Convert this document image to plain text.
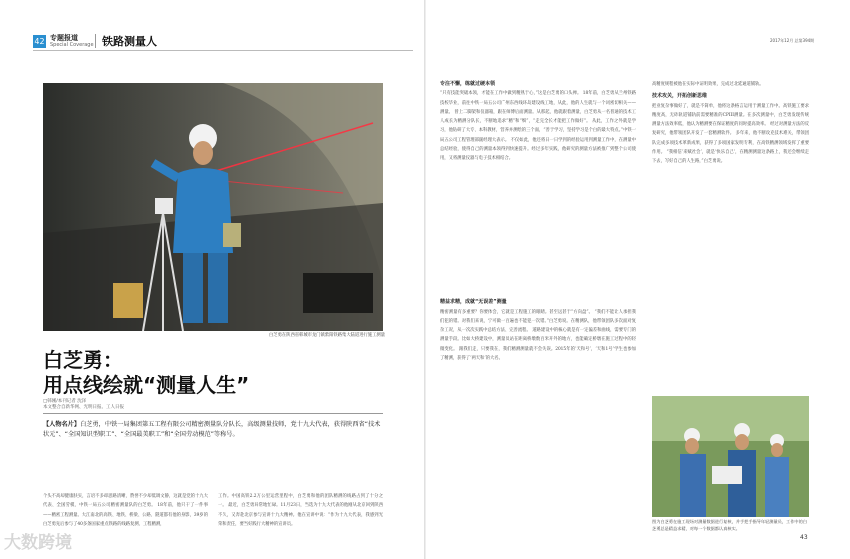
42 专题报道
Special Coverage 铁路测量人	2017年12月 总第394期
白芝勇在陕西省韩城市龙门镇紫阳铁路集大陆道进行施工测量
白芝勇：
用点线绘就“测量人生”
□韩刚/本刊记者 沈泽
本文整合自新华网、光明日报、工人日报
【人物名片】白芝勇，中铁一局集团第五工程有限公司精密测量队分队长，高级测量技师，党十九大代表，获得陕西省“技术状元”、“全国知识型职工”、“全国最美职工”和“全国劳动模范”等称号。
个头不高却健康肤实，言语不多却思路清晰，赞誉不少却低调文静，这就是党的十九大代表、全国劳模、中铁一局五公司精密测量队的白芝勇。 18年前，他只干了一件事——精密工程测量。大江南北的高铁、地铁、桥梁、公路、隧道都有他的身影，39岁的白芝勇先后参与了40多条国家重点铁路的线路复测、工程精测，
工作。中国高铁2.2万公里运营里程中，白芝勇和他的团队精测的线路占到了十分之一。 最近，白芝勇异常地忙碌。11月23日，当选为十九大代表的他刚从北京回到陕西不久，又奔赴北京参与宣讲十九大精神。他在宣讲中说：“作为十九大代表，我感到光荣和责任，要当好践行大精神的宣讲员。
专注不懈，练就过硬本领
“只有技能突破本领，才能在工作中做到精熟于心，”这是白芝勇的口头禅。 18年前，白芝勇从兰州铁路技校毕业，前往中铁一局五公司广州东西线环岛建设线工地，从此，他的人生就与一个词密切相关——测量。 曾上二脚架和仪器箱，跟在师傅后面测量。从那起，他就跟着测量，白芝勇从一名普通的技术工人成长为精测分队长，不断地追求“精”和“细”，“走完全长才能把工作做好”。 从此，工作之外就是学习，他钻研了大专、本科教材，营养并测绘的三个面，“善于学习，坚持学习是个白的最大特点。”中铁一局五公司工程管理部副经理大表示。 不仅如此，他还将日一日学到的经验运用到测量工作中，在测量中总结经验，使得自己的测量本领得到快速提升。经过多年实践，他研究的测量方法被推广到整个公司使用，又将测量仪器与电子技术相结合。
精益求精，成就“无误差”测量
精密测量有多重要？你要体会，它就是工程施工的眼睛。甚至远甚于“方向盘”。 “我们不能让人承担我们犯的错。对我们来说，宁可做一百遍也不能犯一次错。”白芝勇说。在精测队，他带领团队多次面对复杂工况，从一次次实践中总结方法、完善流程。 道路建设中的核心就是有一定偏差和曲线，需要专门的测量手段。比如大桥建设中，测量员站在距离桥墩数百米开外的地方，也能确定桥墩在施工过程中的轻微变化。 跟我们走，只要我在，我们精测测量就不会失误。2015年的‘天和号’，‘天和1号’学生也参加了精测，获得了‘两天和’的大名。
高精度规程被他在实际中证明效果，完成过北延通道铺轨。
技术攻关，开拓创新思维
把业复杂事做好了，就是不简单，他将这条格言运用于测量工作中。高铁施工要求精度高，无砟轨道铺轨前需要精准的CPIII测量。在多次测量中，白芝勇发现传统测量方法效率低，他认为精测要在保证精度的同时提高效率。 经过对测量方法的反复研究，他带领团队开发了一套精测软件。 多年来，他不断攻克技术难关，带领团队完成多项技术革新成果，获得了多项国家发明专利，在高铁精测领域发挥了重要作用。 “我相信‘来赋社会’，就是‘快乐自己’，在精测测量这条路上，我还会继续走下去，写好自己的人生路，”白芝勇说。
图为白芝勇在施工现场对测量数据进行复核，并手把手指导年轻测量员，工作中的白芝勇总是精益求精，对每一个数据都认真核实。
43
大数跨境
